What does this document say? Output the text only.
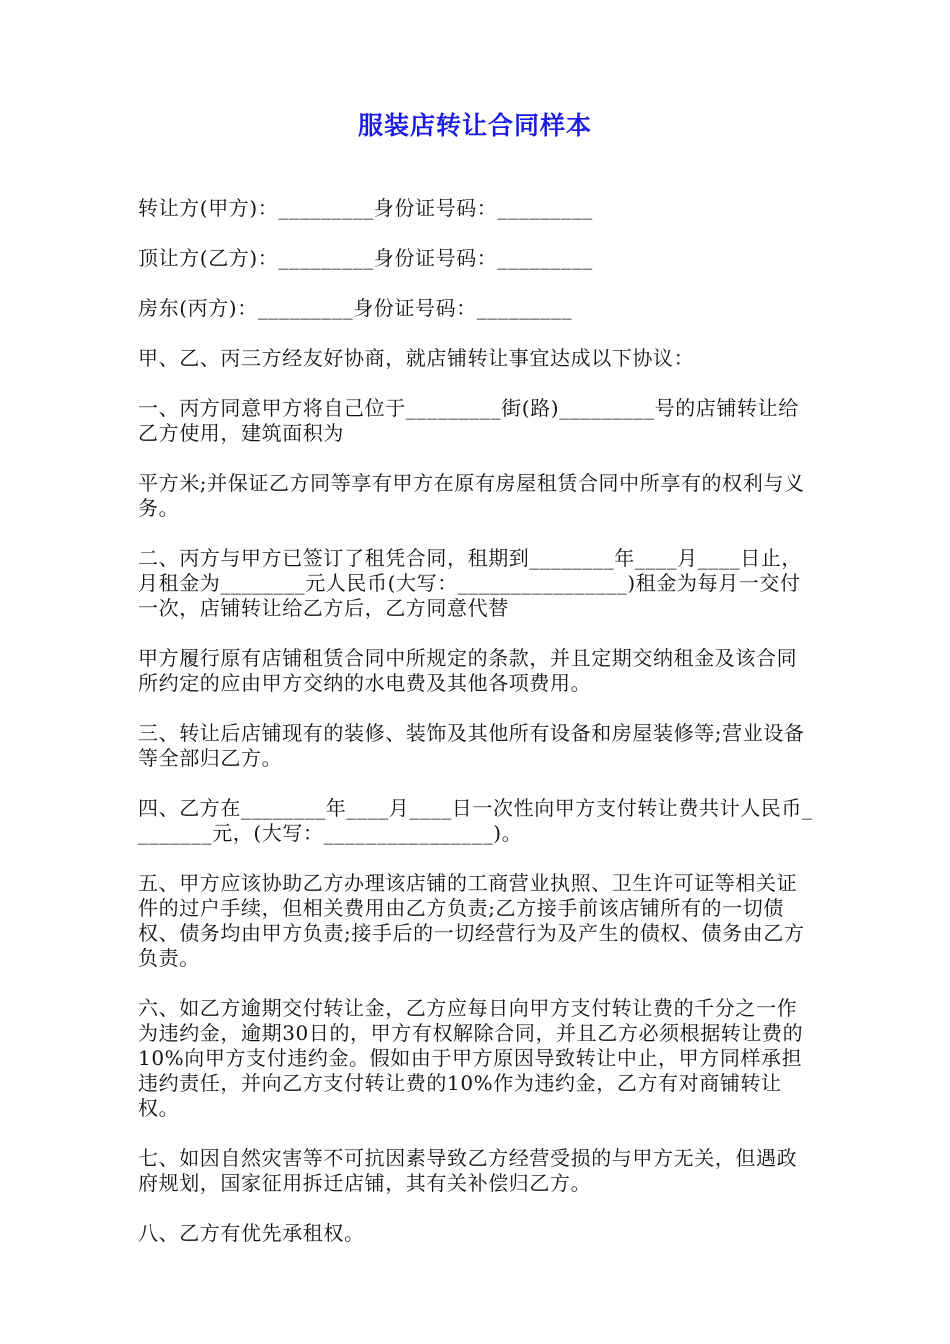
服装店转让合同样本

转让方(甲方)：_________身份证号码：_________

顶让方(乙方)：_________身份证号码：_________

房东(丙方)：_________身份证号码：_________

甲、乙、丙三方经友好协商，就店铺转让事宜达成以下协议：

一、丙方同意甲方将自己位于_________街(路)_________号的店铺转让给乙方使用，建筑面积为

平方米;并保证乙方同等享有甲方在原有房屋租赁合同中所享有的权利与义务。

二、丙方与甲方已签订了租凭合同，租期到________年____月____日止，月租金为________元人民币(大写：________________)租金为每月一交付一次，店铺转让给乙方后，乙方同意代替

甲方履行原有店铺租赁合同中所规定的条款，并且定期交纳租金及该合同所约定的应由甲方交纳的水电费及其他各项费用。

三、转让后店铺现有的装修、装饰及其他所有设备和房屋装修等;营业设备等全部归乙方。

四、乙方在________年____月____日一次性向甲方支付转让费共计人民币________元，(大写：________________)。

五、甲方应该协助乙方办理该店铺的工商营业执照、卫生许可证等相关证件的过户手续，但相关费用由乙方负责;乙方接手前该店铺所有的一切债权、债务均由甲方负责;接手后的一切经营行为及产生的债权、债务由乙方负责。

六、如乙方逾期交付转让金，乙方应每日向甲方支付转让费的千分之一作为违约金，逾期30日的，甲方有权解除合同，并且乙方必须根据转让费的10%向甲方支付违约金。假如由于甲方原因导致转让中止，甲方同样承担违约责任，并向乙方支付转让费的10%作为违约金，乙方有对商铺转让权。

七、如因自然灾害等不可抗因素导致乙方经营受损的与甲方无关，但遇政府规划，国家征用拆迁店铺，其有关补偿归乙方。

八、乙方有优先承租权。
